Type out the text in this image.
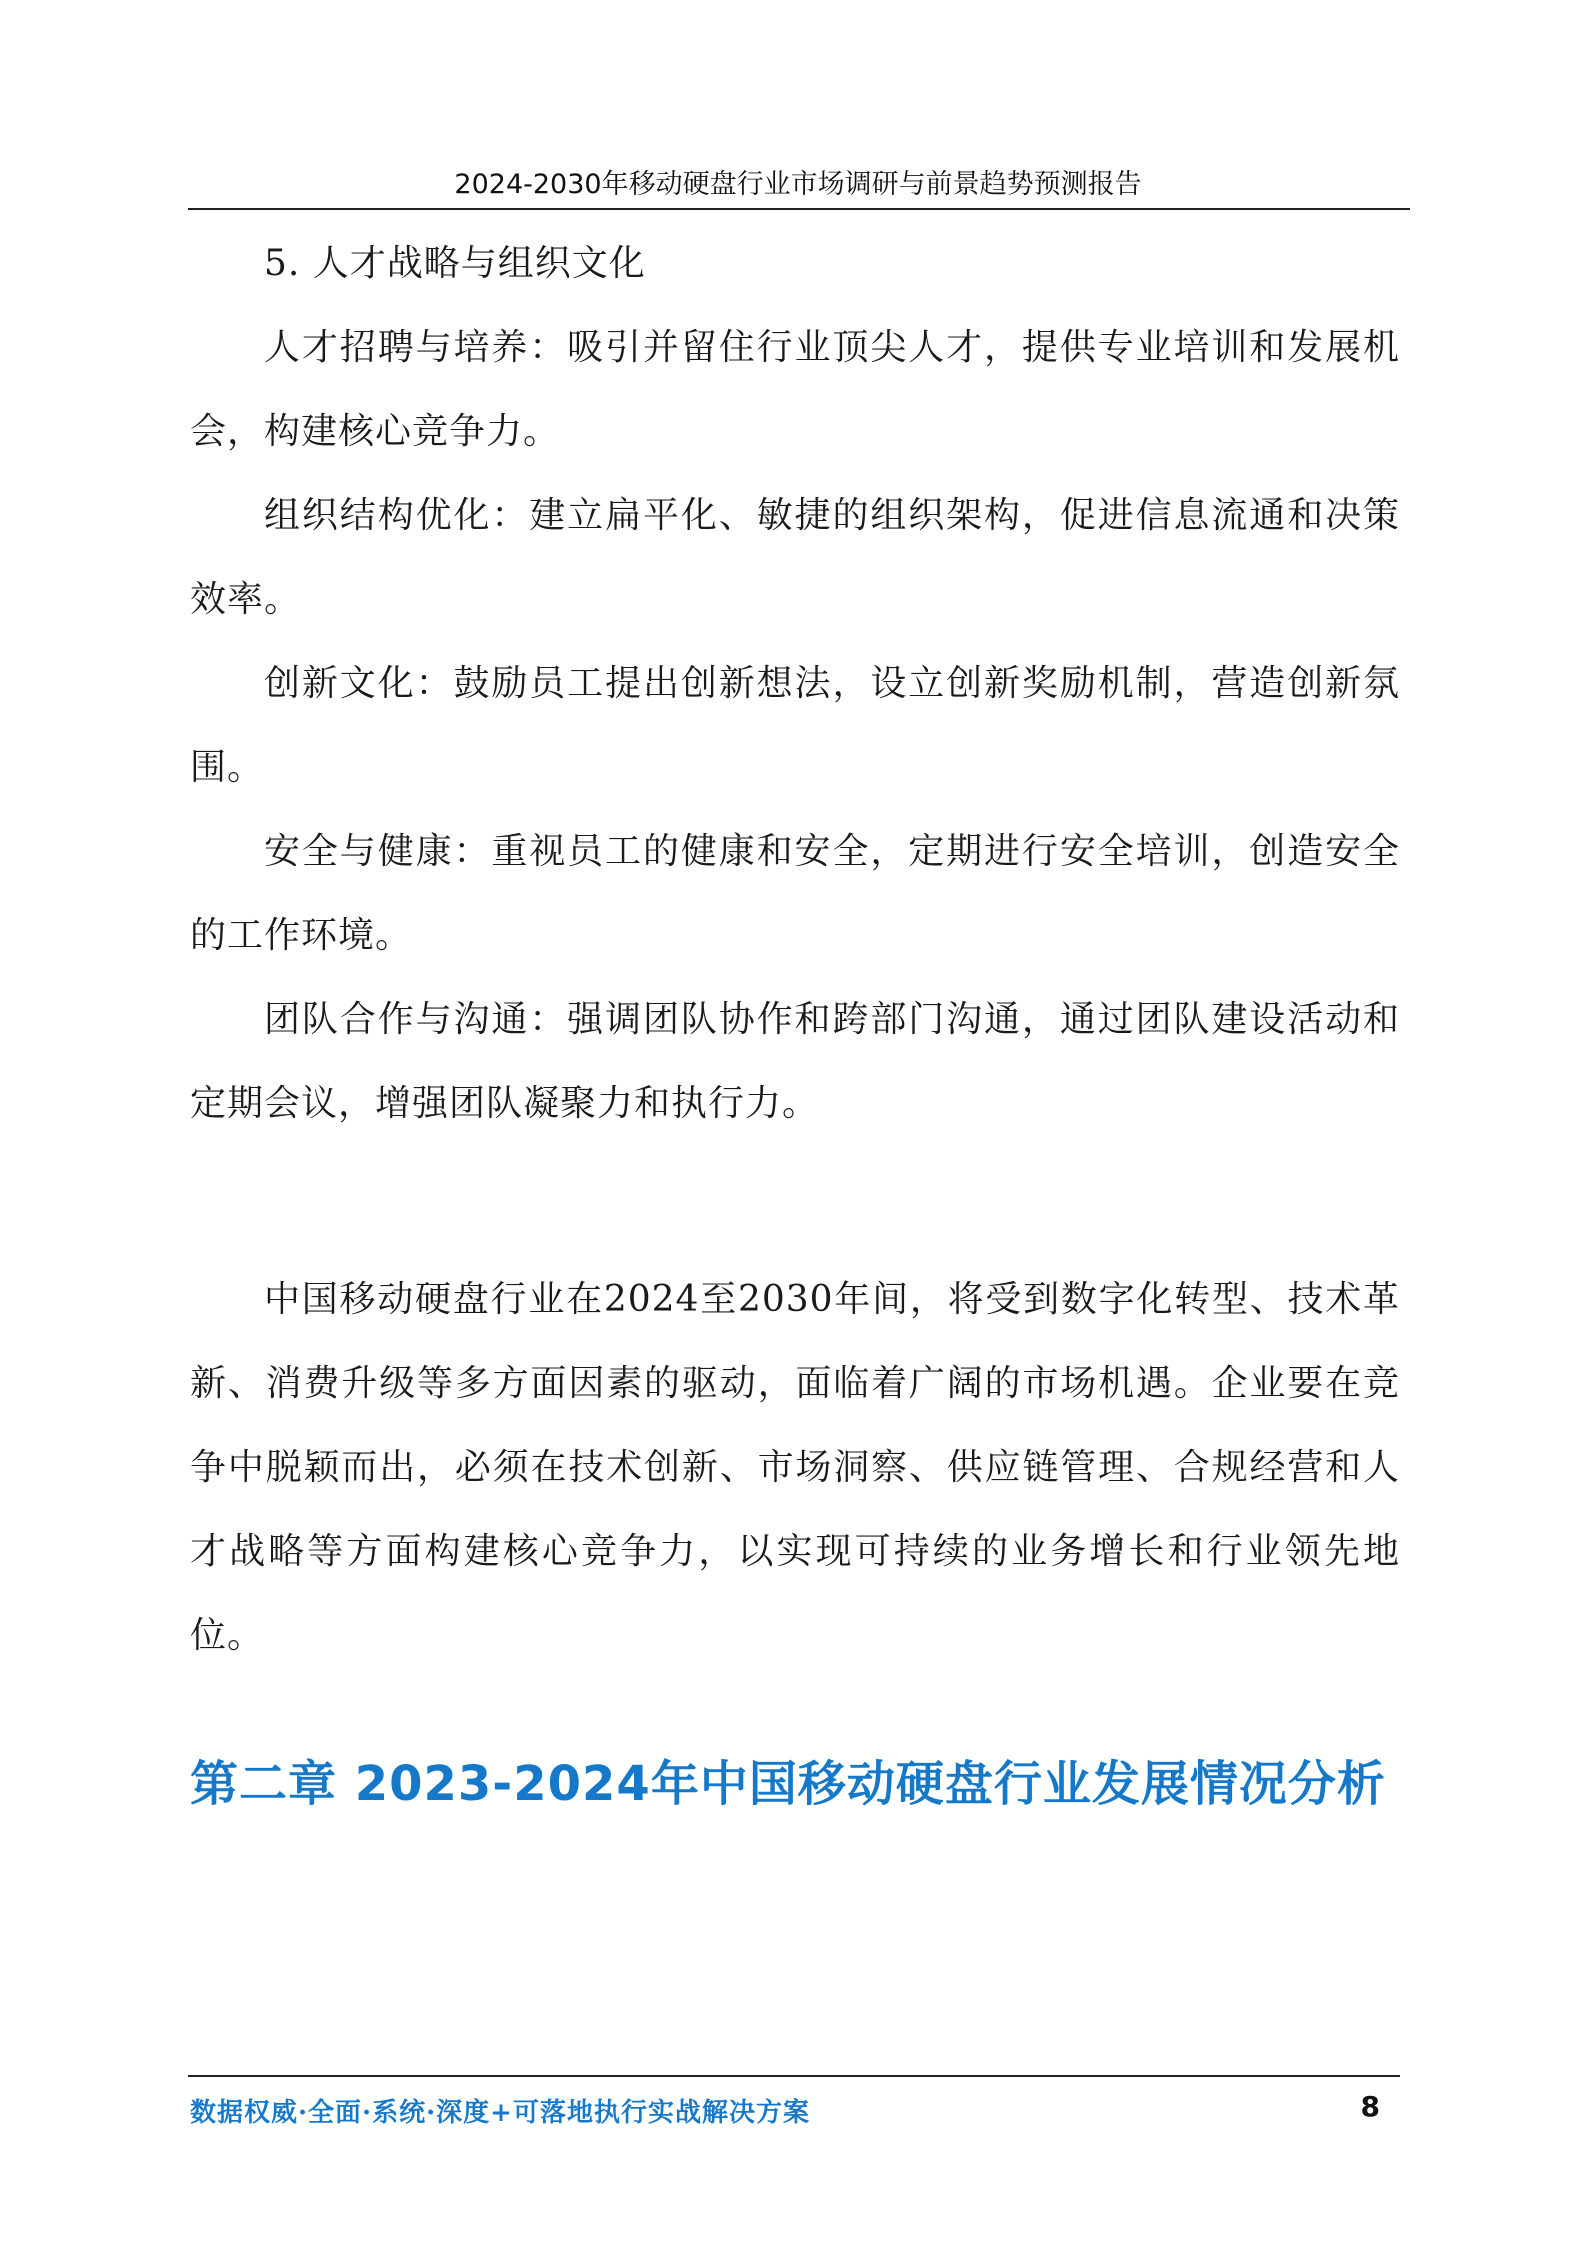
2024-2030年移动硬盘行业市场调研与前景趋势预测报告

5. 人才战略与组织文化

人才招聘与培养：吸引并留住行业顶尖人才，提供专业培训和发展机会，构建核心竞争力。

组织结构优化：建立扁平化、敏捷的组织架构，促进信息流通和决策效率。

创新文化：鼓励员工提出创新想法，设立创新奖励机制，营造创新氛围。

安全与健康：重视员工的健康和安全，定期进行安全培训，创造安全的工作环境。

团队合作与沟通：强调团队协作和跨部门沟通，通过团队建设活动和定期会议，增强团队凝聚力和执行力。

中国移动硬盘行业在2024至2030年间，将受到数字化转型、技术革新、消费升级等多方面因素的驱动，面临着广阔的市场机遇。企业要在竞争中脱颖而出，必须在技术创新、市场洞察、供应链管理、合规经营和人才战略等方面构建核心竞争力，以实现可持续的业务增长和行业领先地位。

第二章 2023-2024年中国移动硬盘行业发展情况分析
数据权威·全面·系统·深度+可落地执行实战解决方案	8
